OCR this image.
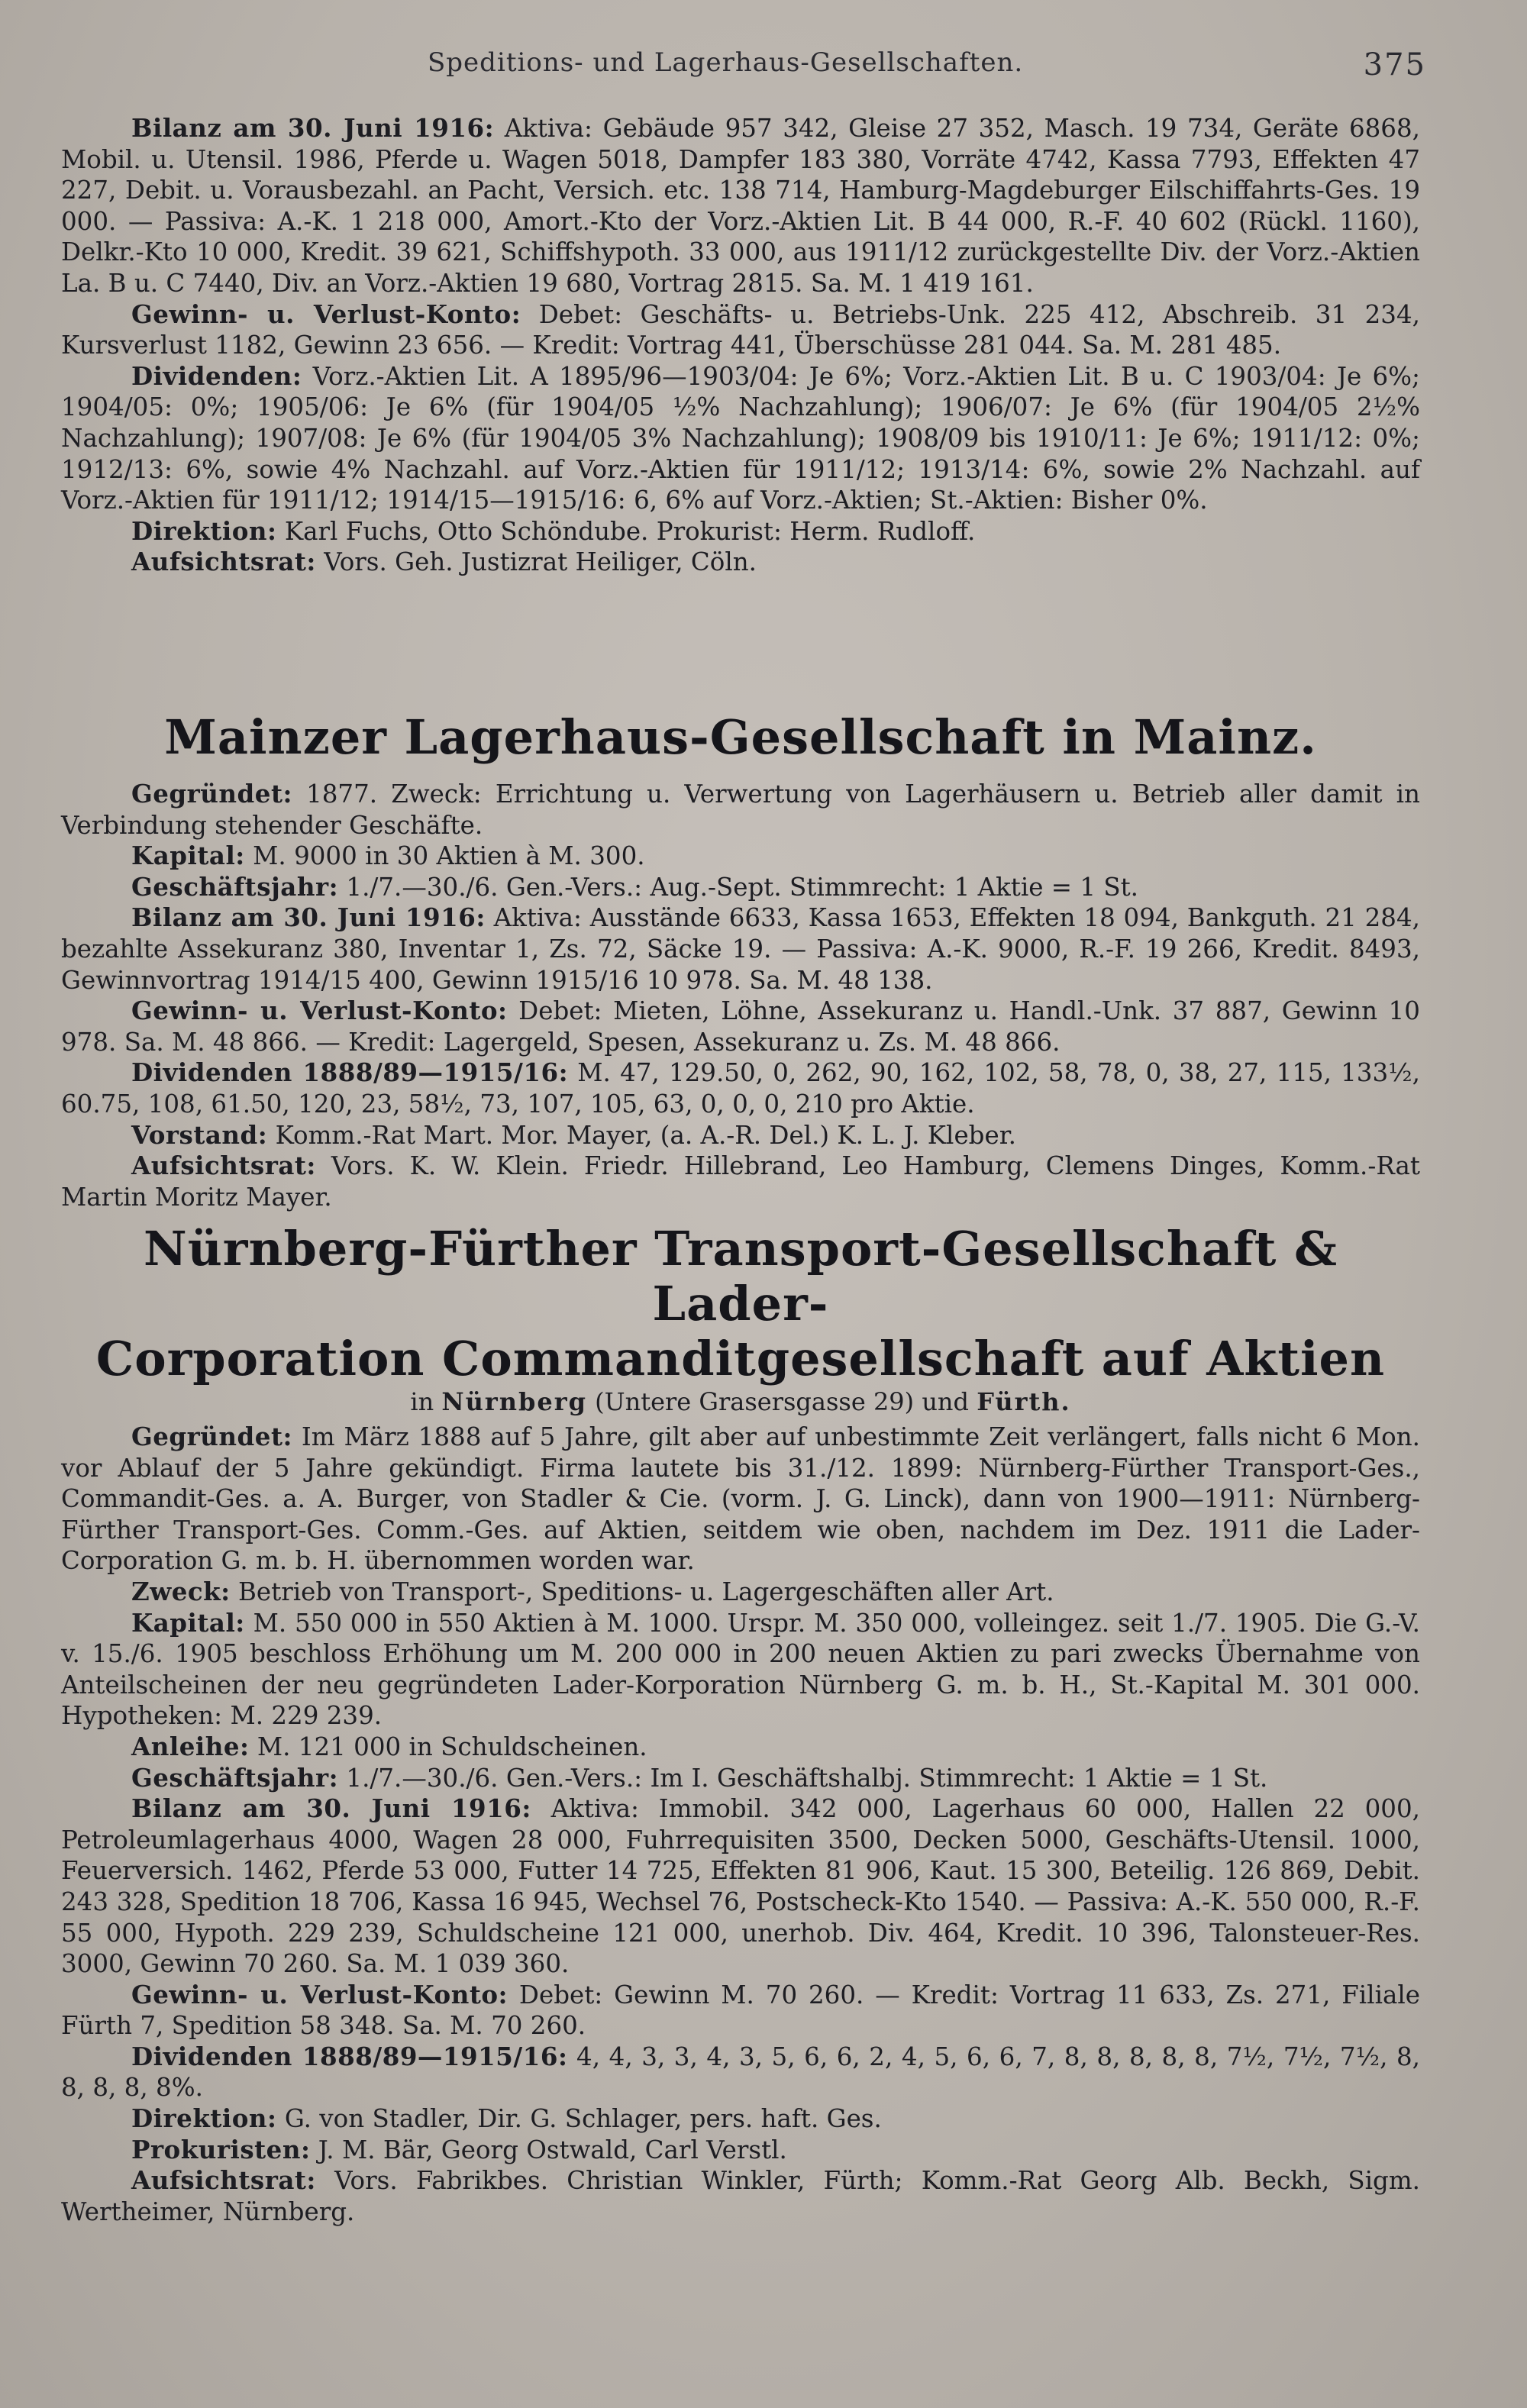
Speditions- und Lagerhaus-Gesellschaften.	375

Bilanz am 30. Juni 1916: Aktiva: Gebäude 957 342, Gleise 27 352, Masch. 19 734, Geräte 6868, Mobil. u. Utensil. 1986, Pferde u. Wagen 5018, Dampfer 183 380, Vorräte 4742, Kassa 7793, Effekten 47 227, Debit. u. Vorausbezahl. an Pacht, Versich. etc. 138 714, Hamburg-Magdeburger Eilschiffahrts-Ges. 19 000. — Passiva: A.-K. 1 218 000, Amort.-Kto der Vorz.-Aktien Lit. B 44 000, R.-F. 40 602 (Rückl. 1160), Delkr.-Kto 10 000, Kredit. 39 621, Schiffshypoth. 33 000, aus 1911/12 zurückgestellte Div. der Vorz.-Aktien La. B u. C 7440, Div. an Vorz.-Aktien 19 680, Vortrag 2815. Sa. M. 1 419 161.

Gewinn- u. Verlust-Konto: Debet: Geschäfts- u. Betriebs-Unk. 225 412, Abschreib. 31 234, Kursverlust 1182, Gewinn 23 656. — Kredit: Vortrag 441, Überschüsse 281 044. Sa. M. 281 485.

Dividenden: Vorz.-Aktien Lit. A 1895/96—1903/04: Je 6%; Vorz.-Aktien Lit. B u. C 1903/04: Je 6%; 1904/05: 0%; 1905/06: Je 6% (für 1904/05 ½% Nachzahlung); 1906/07: Je 6% (für 1904/05 2½% Nachzahlung); 1907/08: Je 6% (für 1904/05 3% Nachzahlung); 1908/09 bis 1910/11: Je 6%; 1911/12: 0%; 1912/13: 6%, sowie 4% Nachzahl. auf Vorz.-Aktien für 1911/12; 1913/14: 6%, sowie 2% Nachzahl. auf Vorz.-Aktien für 1911/12; 1914/15—1915/16: 6, 6% auf Vorz.-Aktien; St.-Aktien: Bisher 0%.

Direktion: Karl Fuchs, Otto Schöndube. Prokurist: Herm. Rudloff.

Aufsichtsrat: Vors. Geh. Justizrat Heiliger, Cöln.

Mainzer Lagerhaus-Gesellschaft in Mainz.

Gegründet: 1877. Zweck: Errichtung u. Verwertung von Lagerhäusern u. Betrieb aller damit in Verbindung stehender Geschäfte.

Kapital: M. 9000 in 30 Aktien à M. 300.

Geschäftsjahr: 1./7.—30./6. Gen.-Vers.: Aug.-Sept. Stimmrecht: 1 Aktie = 1 St.

Bilanz am 30. Juni 1916: Aktiva: Ausstände 6633, Kassa 1653, Effekten 18 094, Bankguth. 21 284, bezahlte Assekuranz 380, Inventar 1, Zs. 72, Säcke 19. — Passiva: A.-K. 9000, R.-F. 19 266, Kredit. 8493, Gewinnvortrag 1914/15 400, Gewinn 1915/16 10 978. Sa. M. 48 138.

Gewinn- u. Verlust-Konto: Debet: Mieten, Löhne, Assekuranz u. Handl.-Unk. 37 887, Gewinn 10 978. Sa. M. 48 866. — Kredit: Lagergeld, Spesen, Assekuranz u. Zs. M. 48 866.

Dividenden 1888/89—1915/16: M. 47, 129.50, 0, 262, 90, 162, 102, 58, 78, 0, 38, 27, 115, 133½, 60.75, 108, 61.50, 120, 23, 58½, 73, 107, 105, 63, 0, 0, 0, 210 pro Aktie.

Vorstand: Komm.-Rat Mart. Mor. Mayer, (a. A.-R. Del.) K. L. J. Kleber.

Aufsichtsrat: Vors. K. W. Klein. Friedr. Hillebrand, Leo Hamburg, Clemens Dinges, Komm.-Rat Martin Moritz Mayer.

Nürnberg-Fürther Transport-Gesellschaft & Lader-
Corporation Commanditgesellschaft auf Aktien

in Nürnberg (Untere Grasersgasse 29) und Fürth.

Gegründet: Im März 1888 auf 5 Jahre, gilt aber auf unbestimmte Zeit verlängert, falls nicht 6 Mon. vor Ablauf der 5 Jahre gekündigt. Firma lautete bis 31./12. 1899: Nürnberg-Fürther Transport-Ges., Commandit-Ges. a. A. Burger, von Stadler & Cie. (vorm. J. G. Linck), dann von 1900—1911: Nürnberg-Fürther Transport-Ges. Comm.-Ges. auf Aktien, seitdem wie oben, nachdem im Dez. 1911 die Lader-Corporation G. m. b. H. übernommen worden war.

Zweck: Betrieb von Transport-, Speditions- u. Lagergeschäften aller Art.

Kapital: M. 550 000 in 550 Aktien à M. 1000. Urspr. M. 350 000, volleingez. seit 1./7. 1905. Die G.-V. v. 15./6. 1905 beschloss Erhöhung um M. 200 000 in 200 neuen Aktien zu pari zwecks Übernahme von Anteilscheinen der neu gegründeten Lader-Korporation Nürnberg G. m. b. H., St.-Kapital M. 301 000. Hypotheken: M. 229 239.

Anleihe: M. 121 000 in Schuldscheinen.

Geschäftsjahr: 1./7.—30./6. Gen.-Vers.: Im I. Geschäftshalbj. Stimmrecht: 1 Aktie = 1 St.

Bilanz am 30. Juni 1916: Aktiva: Immobil. 342 000, Lagerhaus 60 000, Hallen 22 000, Petroleumlagerhaus 4000, Wagen 28 000, Fuhrrequisiten 3500, Decken 5000, Geschäfts-Utensil. 1000, Feuerversich. 1462, Pferde 53 000, Futter 14 725, Effekten 81 906, Kaut. 15 300, Beteilig. 126 869, Debit. 243 328, Spedition 18 706, Kassa 16 945, Wechsel 76, Postscheck-Kto 1540. — Passiva: A.-K. 550 000, R.-F. 55 000, Hypoth. 229 239, Schuldscheine 121 000, unerhob. Div. 464, Kredit. 10 396, Talonsteuer-Res. 3000, Gewinn 70 260. Sa. M. 1 039 360.

Gewinn- u. Verlust-Konto: Debet: Gewinn M. 70 260. — Kredit: Vortrag 11 633, Zs. 271, Filiale Fürth 7, Spedition 58 348. Sa. M. 70 260.

Dividenden 1888/89—1915/16: 4, 4, 3, 3, 4, 3, 5, 6, 6, 2, 4, 5, 6, 6, 7, 8, 8, 8, 8, 8, 7½, 7½, 7½, 8, 8, 8, 8, 8%.

Direktion: G. von Stadler, Dir. G. Schlager, pers. haft. Ges.

Prokuristen: J. M. Bär, Georg Ostwald, Carl Verstl.

Aufsichtsrat: Vors. Fabrikbes. Christian Winkler, Fürth; Komm.-Rat Georg Alb. Beckh, Sigm. Wertheimer, Nürnberg.
